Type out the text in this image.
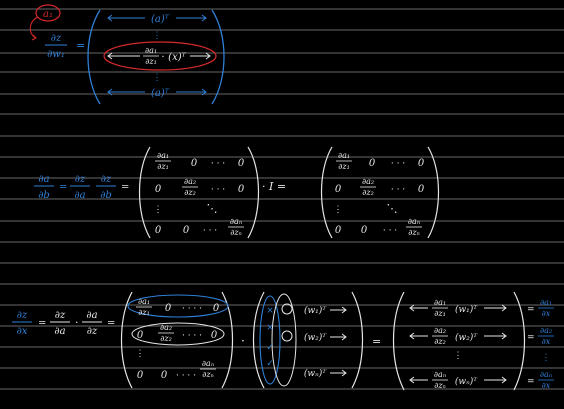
a₁
∂z
∂w₁
=
(a)ᵀ
⋮
∂a₁
∂z₁ · (x)ᵀ
⋮
(a)ᵀ
∂a
∂b
=
∂z
∂a
∂z
∂b
=
∂a₁
∂z₁ 0 · · · 0
0
∂a₂
∂z₂ · · · 0
⋮	⋱
0 0 · · ·
∂aₙ
∂zₙ
· I =
∂a₁
∂z₁ 0 · · · 0
0
∂a₂
∂z₂ · · · 0
⋮	⋱
0 0 · · ·
∂aₙ
∂zₙ
∂z
∂x
=
∂z
∂a
·
∂a
∂z
=
∂a₁
∂z₁ 0 · · · · 0
0
∂a₂
∂z₂ · · · · 0
⋮
0 0 · · · ·
∂aₙ
∂zₙ
·
×
×
✓
✓
(w₁)ᵀ
(w₂)ᵀ
(wₙ)ᵀ
=
∂a₁
∂z₁ (w₁)ᵀ
∂a₂
∂z₂ (w₂)ᵀ
⋮
∂aₙ
∂zₙ (wₙ)ᵀ
=
∂a₁
∂x
=
∂a₂
∂x
⋮
=
∂aₙ
∂x
